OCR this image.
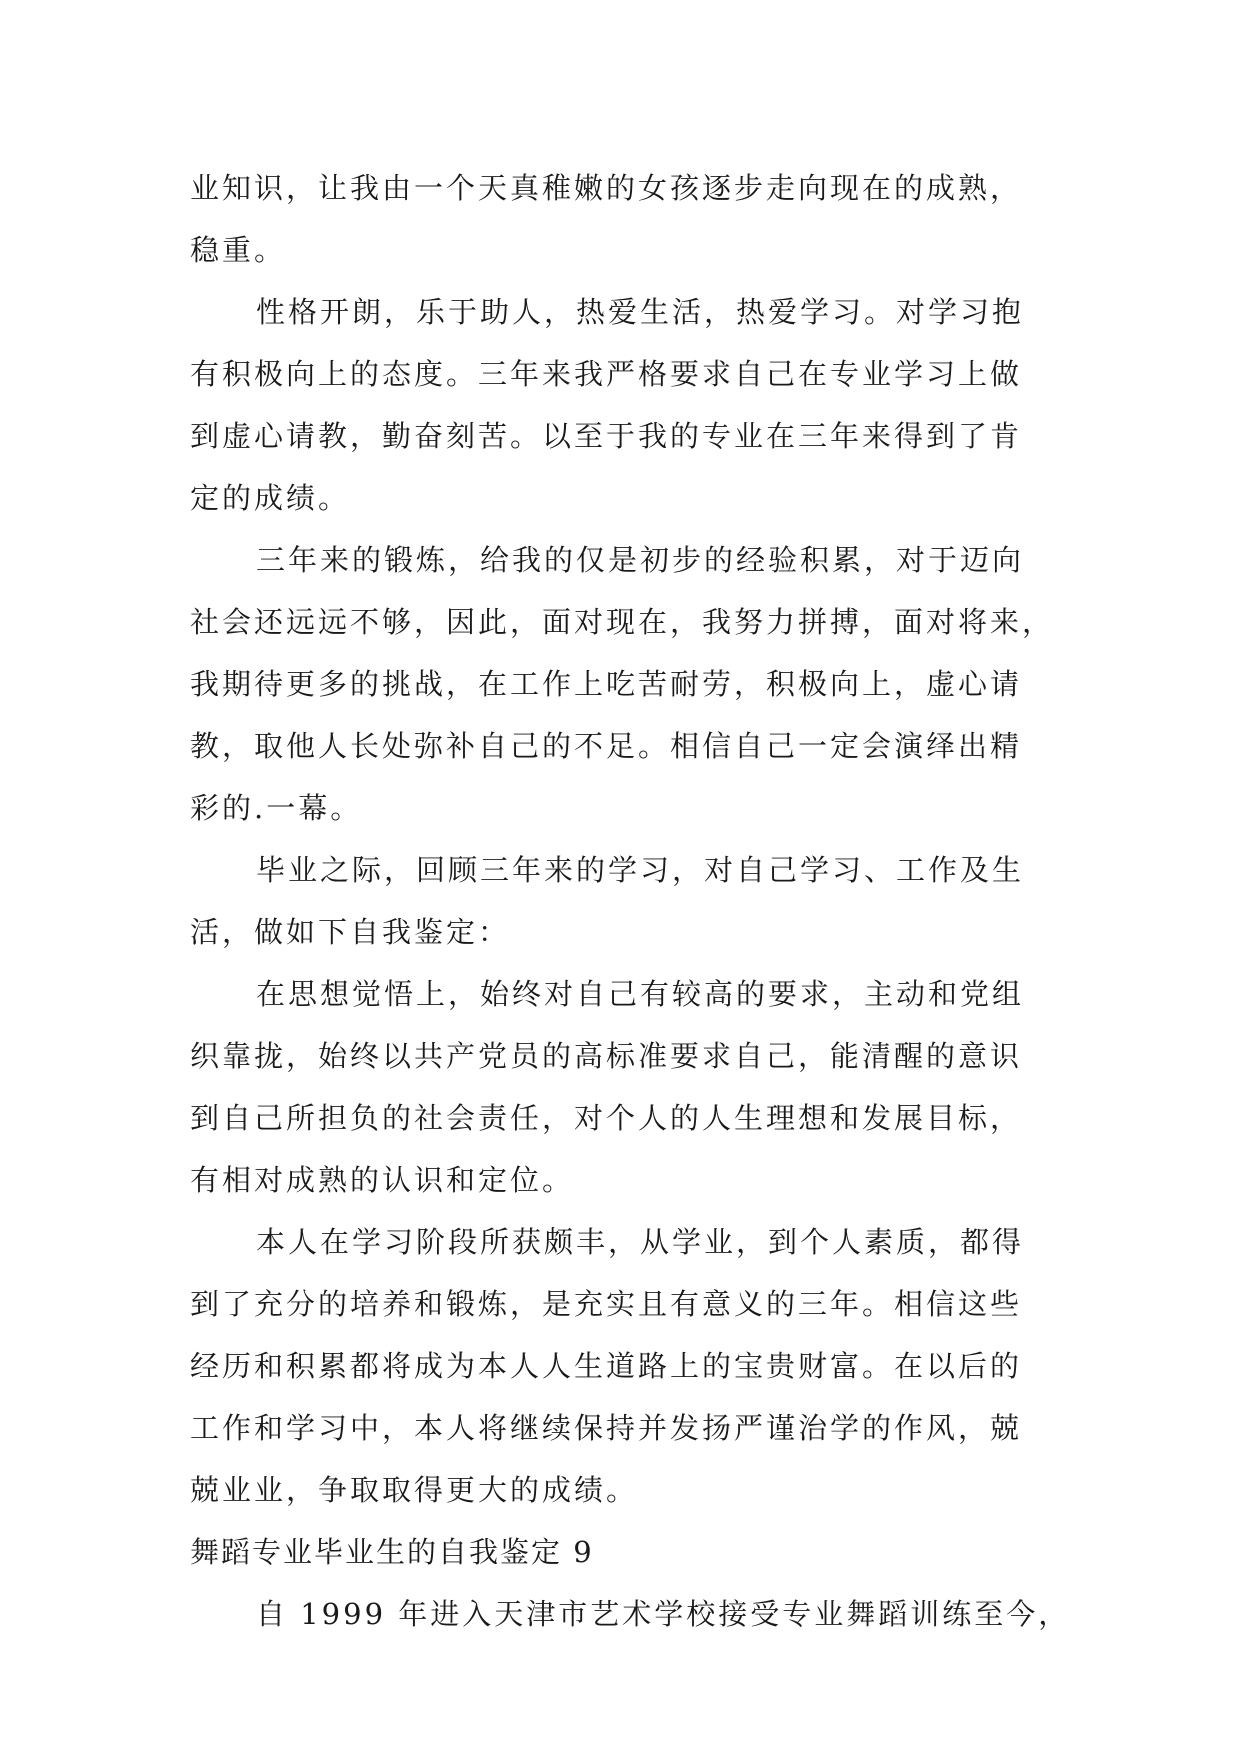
业知识，让我由一个天真稚嫩的女孩逐步走向现在的成熟，
稳重。
性格开朗，乐于助人，热爱生活，热爱学习。对学习抱
有积极向上的态度。三年来我严格要求自己在专业学习上做
到虚心请教，勤奋刻苦。以至于我的专业在三年来得到了肯
定的成绩。
三年来的锻炼，给我的仅是初步的经验积累，对于迈向
社会还远远不够，因此，面对现在，我努力拼搏，面对将来，
我期待更多的挑战，在工作上吃苦耐劳，积极向上，虚心请
教，取他人长处弥补自己的不足。相信自己一定会演绎出精
彩的.一幕。
毕业之际，回顾三年来的学习，对自己学习、工作及生
活，做如下自我鉴定：
在思想觉悟上，始终对自己有较高的要求，主动和党组
织靠拢，始终以共产党员的高标准要求自己，能清醒的意识
到自己所担负的社会责任，对个人的人生理想和发展目标，
有相对成熟的认识和定位。
本人在学习阶段所获颇丰，从学业，到个人素质，都得
到了充分的培养和锻炼，是充实且有意义的三年。相信这些
经历和积累都将成为本人人生道路上的宝贵财富。在以后的
工作和学习中，本人将继续保持并发扬严谨治学的作风，兢
兢业业，争取取得更大的成绩。
舞蹈专业毕业生的自我鉴定 9
自 1999 年进入天津市艺术学校接受专业舞蹈训练至今，
